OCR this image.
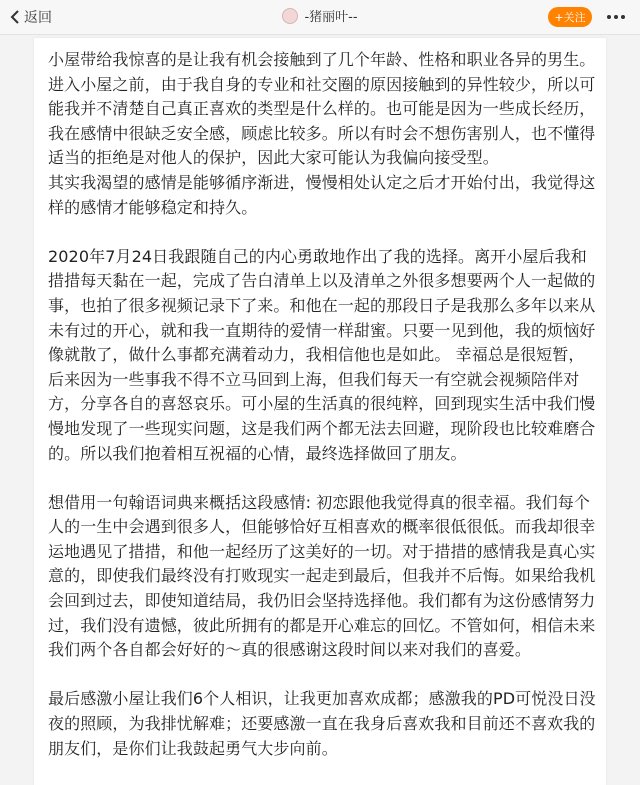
返回	-猪丽叶--	+关注

小屋带给我惊喜的是让我有机会接触到了几个年龄、性格和职业各异的男生。进入小屋之前，由于我自身的专业和社交圈的原因接触到的异性较少，所以可能我并不清楚自己真正喜欢的类型是什么样的。也可能是因为一些成长经历，我在感情中很缺乏安全感，顾虑比较多。所以有时会不想伤害别人，也不懂得适当的拒绝是对他人的保护，因此大家可能认为我偏向接受型。

其实我渴望的感情是能够循序渐进，慢慢相处认定之后才开始付出，我觉得这样的感情才能够稳定和持久。

2020年7月24日我跟随自己的内心勇敢地作出了我的选择。离开小屋后我和措措每天黏在一起，完成了告白清单上以及清单之外很多想要两个人一起做的事，也拍了很多视频记录下了来。和他在一起的那段日子是我那么多年以来从未有过的开心，就和我一直期待的爱情一样甜蜜。只要一见到他，我的烦恼好像就散了，做什么事都充满着动力，我相信他也是如此。 幸福总是很短暂，后来因为一些事我不得不立马回到上海，但我们每天一有空就会视频陪伴对方，分享各自的喜怒哀乐。可小屋的生活真的很纯粹，回到现实生活中我们慢慢地发现了一些现实问题，这是我们两个都无法去回避，现阶段也比较难磨合的。所以我们抱着相互祝福的心情，最终选择做回了朋友。

想借用一句翰语词典来概括这段感情: 初恋跟他我觉得真的很幸福。我们每个人的一生中会遇到很多人，但能够恰好互相喜欢的概率很低很低。而我却很幸运地遇见了措措，和他一起经历了这美好的一切。对于措措的感情我是真心实意的，即使我们最终没有打败现实一起走到最后，但我并不后悔。如果给我机会回到过去，即使知道结局，我仍旧会坚持选择他。我们都有为这份感情努力过，我们没有遗憾，彼此所拥有的都是开心难忘的回忆。不管如何，相信未来我们两个各自都会好好的～真的很感谢这段时间以来对我们的喜爱。

最后感激小屋让我们6个人相识，让我更加喜欢成都；感激我的PD可悦没日没夜的照顾，为我排忧解难；还要感激一直在我身后喜欢我和目前还不喜欢我的朋友们，是你们让我鼓起勇气大步向前。
